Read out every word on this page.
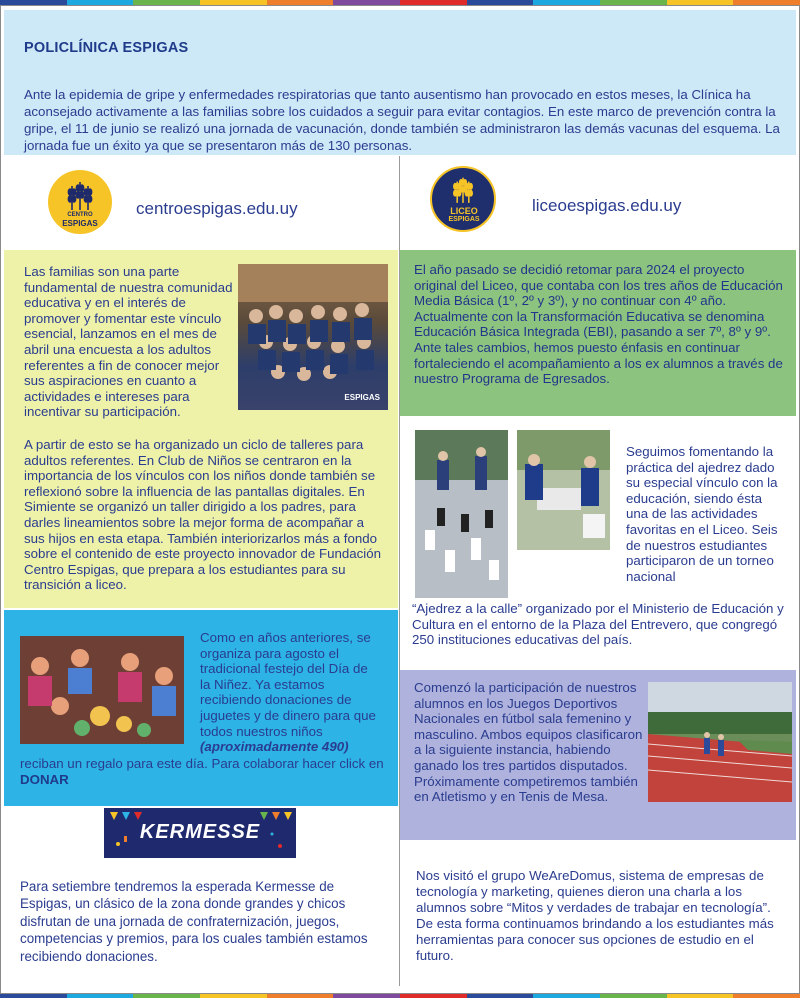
POLICLÍNICA ESPIGAS

Ante la epidemia de gripe y enfermedades respiratorias que tanto ausentismo han provocado en estos meses, la Clínica ha aconsejado activamente a las familias sobre los cuidados a seguir para evitar contagios. En este marco de prevención contra la gripe, el 11 de junio se realizó una jornada de vacunación, donde también se administraron las demás vacunas del esquema. La jornada fue un éxito ya que se presentaron más de 130 personas.

CENTRO
ESPIGAS
centroespigas.edu.uy	LICEO
ESPIGAS
liceoespigas.edu.uy

Las familias son una parte fundamental de nuestra comunidad educativa y en el interés de promover y fomentar este vínculo esencial, lanzamos en el mes de abril una encuesta a los adultos referentes a fin de conocer mejor sus aspiraciones en cuanto a actividades e intereses para incentivar su participación.

A partir de esto se ha organizado un ciclo de talleres para adultos referentes. En Club de Niños se centraron en la importancia de los vínculos con los niños donde también se reflexionó sobre la influencia de las pantallas digitales. En Simiente se organizó un taller dirigido a los padres, para darles lineamientos sobre la mejor forma de acompañar a sus hijos en esta etapa. También interiorizarlos más a fondo sobre el contenido de este proyecto innovador de Fundación Centro Espigas, que prepara a los estudiantes para su transición a liceo.

ESPIGAS

Como en años anteriores, se organiza para agosto el tradicional festejo del Día de la Niñez. Ya estamos recibiendo donaciones de juguetes y de dinero para que todos nuestros niños (aproximadamente 490)

reciban un regalo para este día. Para colaborar hacer click en DONAR

KERMESSE

Para setiembre tendremos la esperada Kermesse de Espigas, un clásico de la zona donde grandes y chicos disfrutan de una jornada de confraternización, juegos, competencias y premios, para los cuales también estamos recibiendo donaciones.

El año pasado se decidió retomar para 2024 el proyecto original del Liceo, que contaba con los tres años de Educación Media Básica (1º, 2º y 3º), y no continuar con 4º año. Actualmente con la Transformación Educativa se denomina Educación Básica Integrada (EBI), pasando a ser 7º, 8º y 9º. Ante tales cambios, hemos puesto énfasis en continuar fortaleciendo el acompañamiento a los ex alumnos a través de nuestro Programa de Egresados.

Seguimos fomentando la práctica del ajedrez dado su especial vínculo con la educación, siendo ésta una de las actividades favoritas en el Liceo. Seis de nuestros estudiantes participaron de un torneo nacional

“Ajedrez a la calle” organizado por el Ministerio de Educación y Cultura en el entorno de la Plaza del Entrevero, que congregó 250 instituciones educativas del país.

Comenzó la participación de nuestros alumnos en los Juegos Deportivos Nacionales en fútbol sala femenino y masculino. Ambos equipos clasificaron a la siguiente instancia, habiendo ganado los tres partidos disputados. Próximamente competiremos también en Atletismo y en Tenis de Mesa.

Nos visitó el grupo WeAreDomus, sistema de empresas de tecnología y marketing, quienes dieron una charla a los alumnos sobre “Mitos y verdades de trabajar en tecnología”. De esta forma continuamos brindando a los estudiantes más herramientas para conocer sus opciones de estudio en el futuro.
